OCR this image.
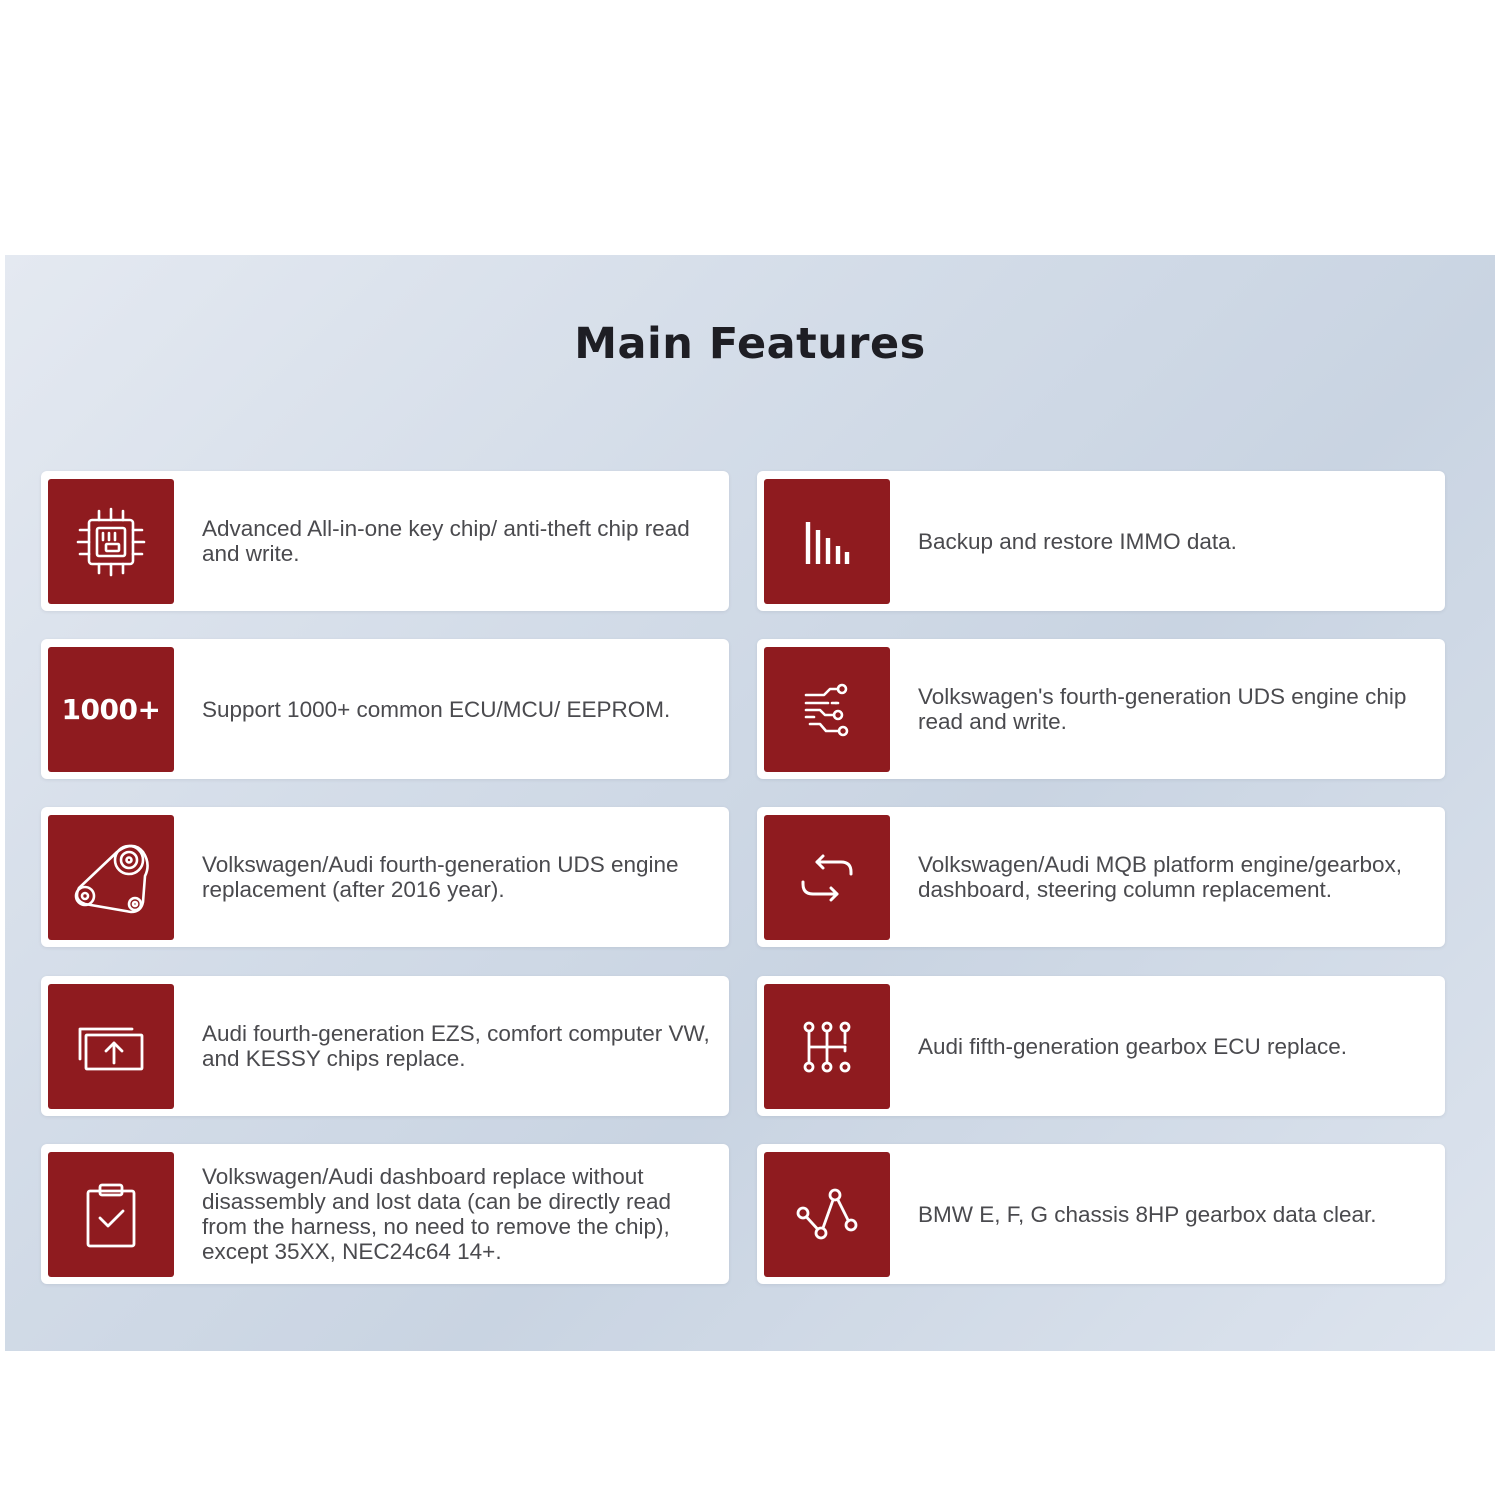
Main Features
Advanced All-in-one key chip/ anti-theft chip read and write.	Backup and restore IMMO data.
1000+ Support 1000+ common ECU/MCU/ EEPROM.	Volkswagen's fourth-generation UDS engine chip read and write.
Volkswagen/Audi fourth-generation UDS engine replacement (after 2016 year).
Volkswagen/Audi MQB platform engine/gearbox, dashboard, steering column replacement.
Audi fourth-generation EZS, comfort computer VW, and KESSY chips replace.	Audi fifth-generation gearbox ECU replace.
Volkswagen/Audi dashboard replace without disassembly and lost data (can be directly read from the harness, no need to remove the chip), except 35XX, NEC24c64 14+.
BMW E, F, G chassis 8HP gearbox data clear.
